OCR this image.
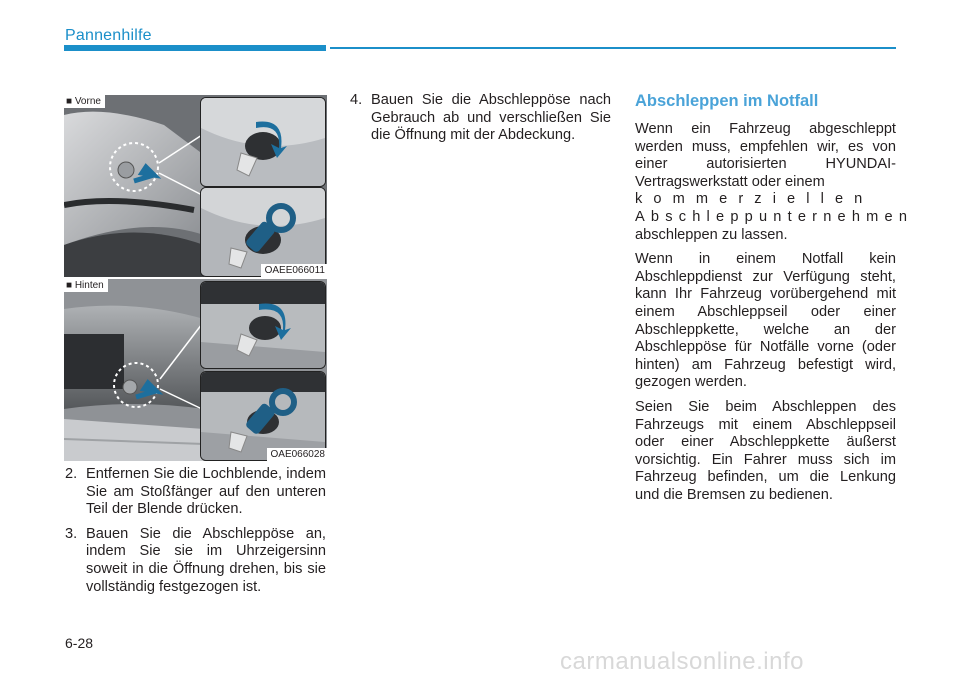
Pannenhilfe
■ Vorne
OAEE066011
■ Hinten
OAE066028
2. Entfernen Sie die Lochblende, indem Sie am Stoßfänger auf den unteren Teil der Blende drücken.
3. Bauen Sie die Abschleppöse an, indem Sie sie im Uhrzeigersinn soweit in die Öffnung drehen, bis sie vollständig festgezogen ist.
4. Bauen Sie die Abschleppöse nach Gebrauch ab und verschließen Sie die Öffnung mit der Abdeckung.
Abschleppen im Notfall

Wenn ein Fahrzeug abgeschleppt werden muss, empfehlen wir, es von einer autorisierten HYUNDAI-Vertragswerkstatt oder einem

kommerziellen

Abschleppunternehmen

abschleppen zu lassen.

Wenn in einem Notfall kein Abschleppdienst zur Verfügung steht, kann Ihr Fahrzeug vorübergehend mit einem Abschleppseil oder einer Abschleppkette, welche an der Abschleppöse für Notfälle vorne (oder hinten) am Fahrzeug befestigt wird, gezogen werden.

Seien Sie beim Abschleppen des Fahrzeugs mit einem Abschleppseil oder einer Abschleppkette äußerst vorsichtig. Ein Fahrer muss sich im Fahrzeug befinden, um die Lenkung und die Bremsen zu bedienen.

6-28
carmanualsonline.info
